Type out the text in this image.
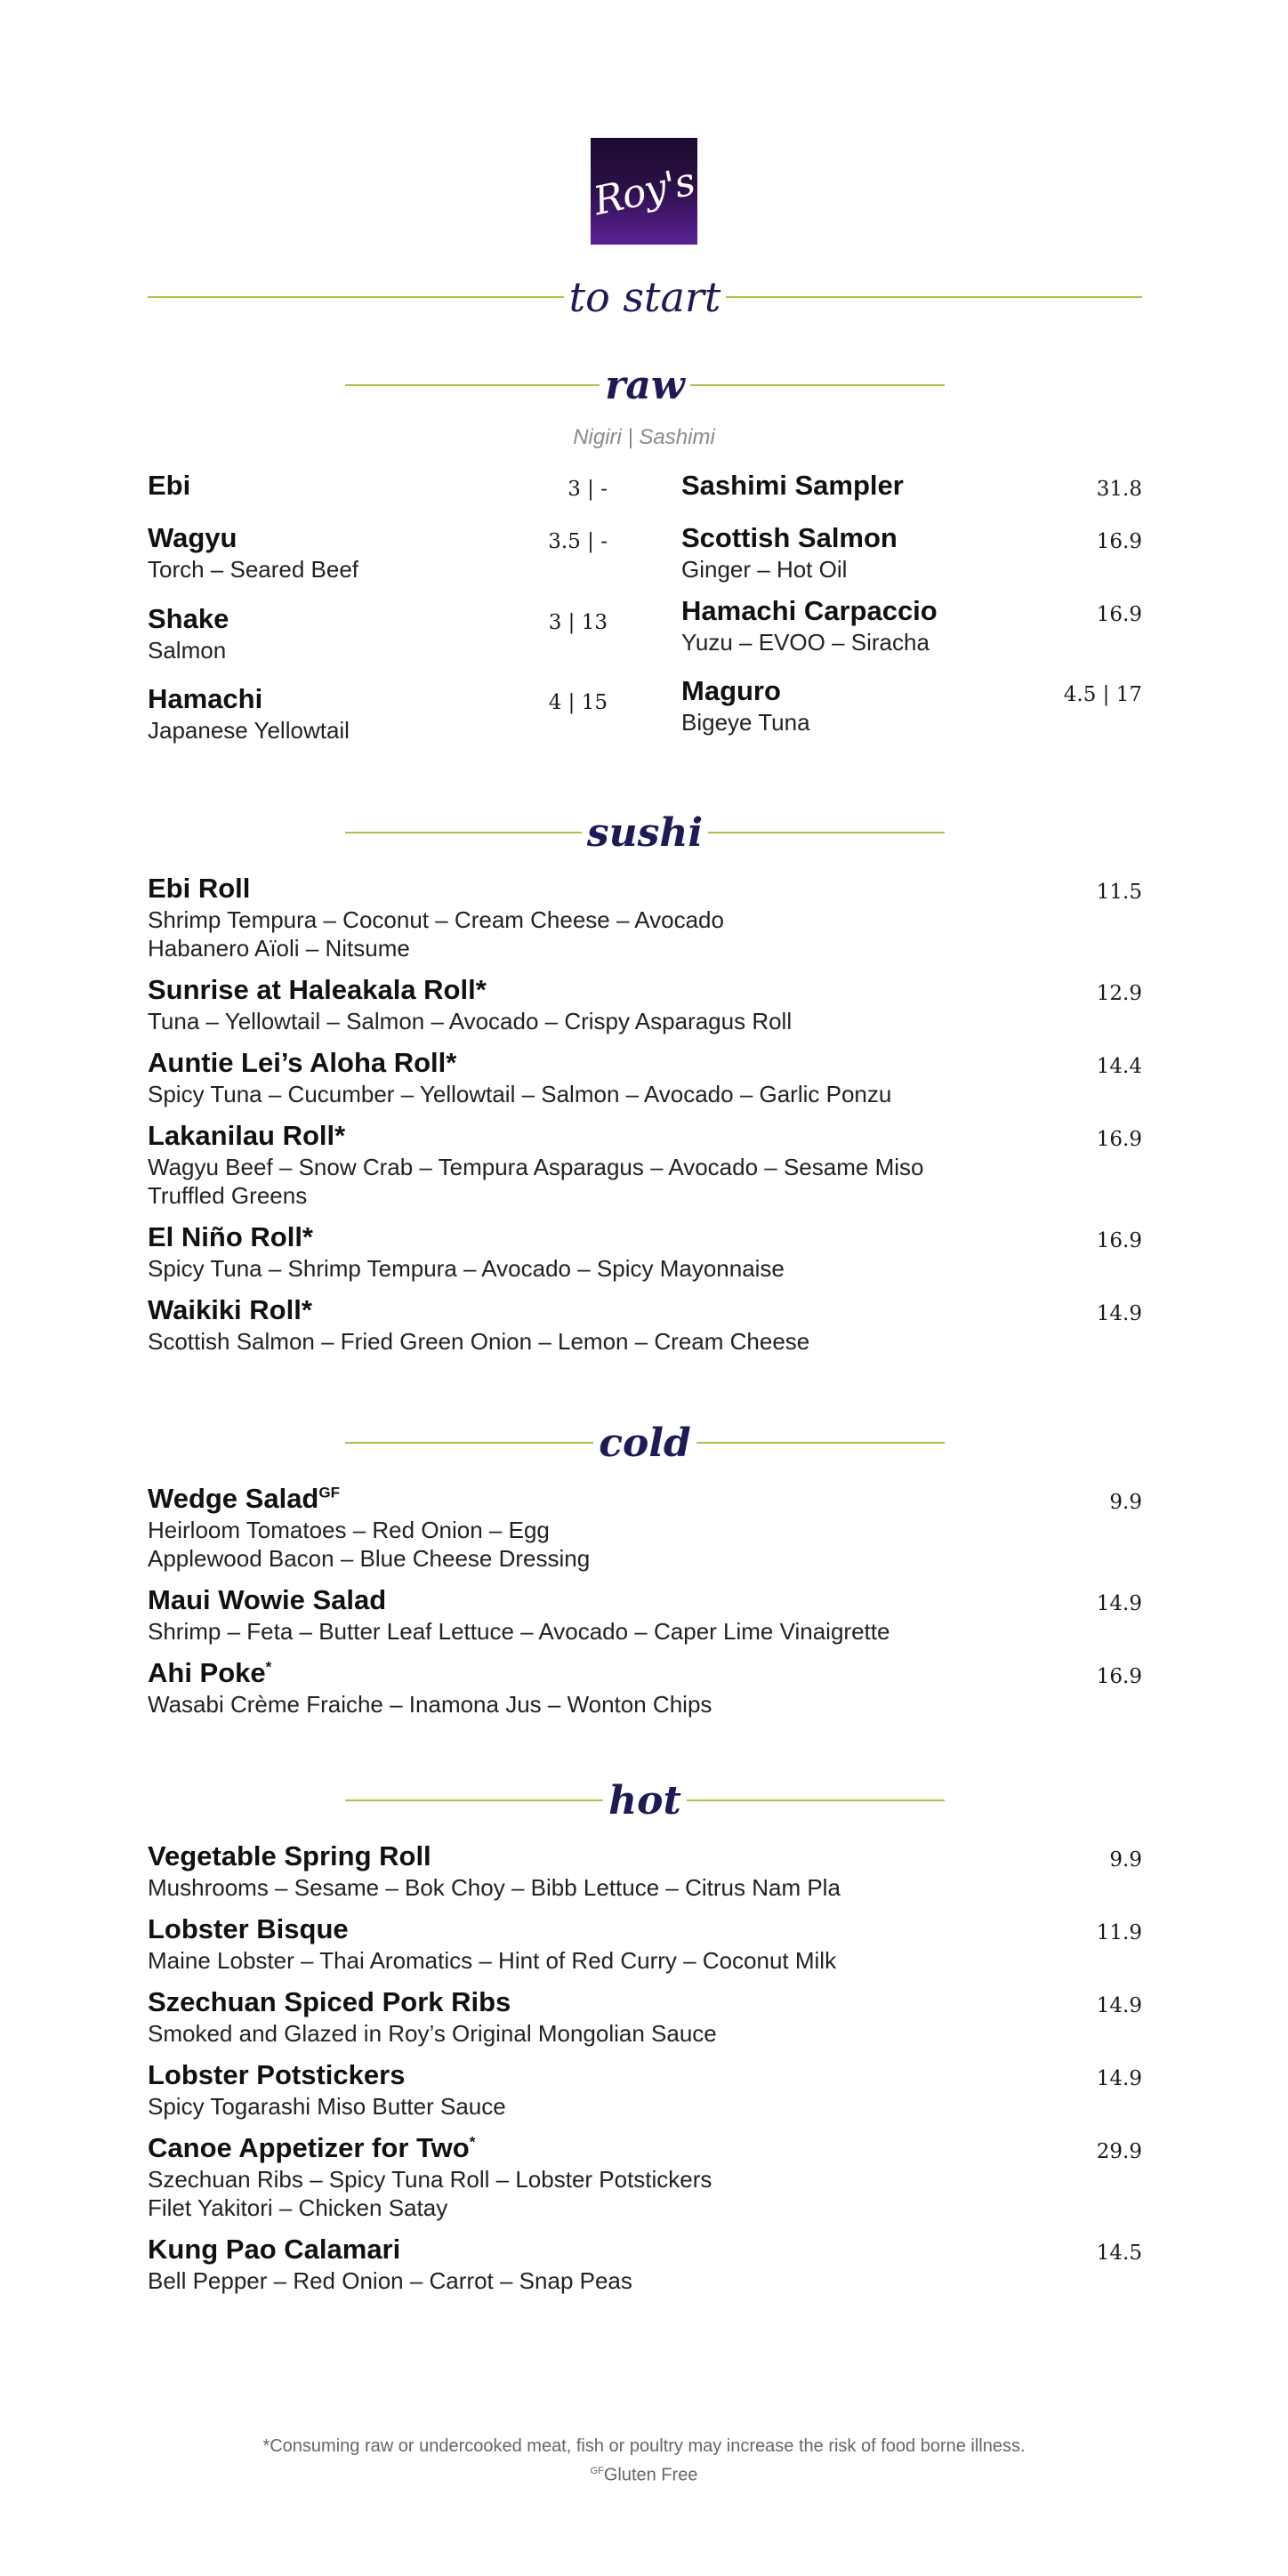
Roy's
to start
raw
Nigiri | Sashimi
Ebi	3 | -
Wagyu
Torch – Seared Beef
3.5 | -
Shake
Salmon
3 | 13
Hamachi
Japanese Yellowtail
4 | 15
Sashimi Sampler	31.8
Scottish Salmon
Ginger – Hot Oil
16.9
Hamachi Carpaccio
Yuzu – EVOO – Siracha
16.9
Maguro
Bigeye Tuna
4.5 | 17
sushi
Ebi Roll
Shrimp Tempura – Coconut – Cream Cheese – Avocado
Habanero Aïoli – Nitsume
11.5
Sunrise at Haleakala Roll*
Tuna – Yellowtail – Salmon – Avocado – Crispy Asparagus Roll
12.9
Auntie Lei’s Aloha Roll*
Spicy Tuna – Cucumber – Yellowtail – Salmon – Avocado – Garlic Ponzu
14.4
Lakanilau Roll*
Wagyu Beef – Snow Crab – Tempura Asparagus – Avocado – Sesame Miso
Truffled Greens
16.9
El Niño Roll*
Spicy Tuna – Shrimp Tempura – Avocado – Spicy Mayonnaise
16.9
Waikiki Roll*
Scottish Salmon – Fried Green Onion – Lemon – Cream Cheese
14.9
cold
Wedge Salad$^{GF}$
Heirloom Tomatoes – Red Onion – Egg
Applewood Bacon – Blue Cheese Dressing
9.9
Maui Wowie Salad
Shrimp – Feta – Butter Leaf Lettuce – Avocado – Caper Lime Vinaigrette
14.9
Ahi Poke*
Wasabi Crème Fraiche – Inamona Jus – Wonton Chips
16.9
hot
Vegetable Spring Roll
Mushrooms – Sesame – Bok Choy – Bibb Lettuce – Citrus Nam Pla
9.9
Lobster Bisque
Maine Lobster – Thai Aromatics – Hint of Red Curry – Coconut Milk
11.9
Szechuan Spiced Pork Ribs
Smoked and Glazed in Roy’s Original Mongolian Sauce
14.9
Lobster Potstickers
Spicy Togarashi Miso Butter Sauce
14.9
Canoe Appetizer for Two*
Szechuan Ribs – Spicy Tuna Roll – Lobster Potstickers
Filet Yakitori – Chicken Satay
29.9
Kung Pao Calamari
Bell Pepper – Red Onion – Carrot – Snap Peas
14.5
*Consuming raw or undercooked meat, fish or poultry may increase the risk of food borne illness.
$^{GF}$Gluten Free
